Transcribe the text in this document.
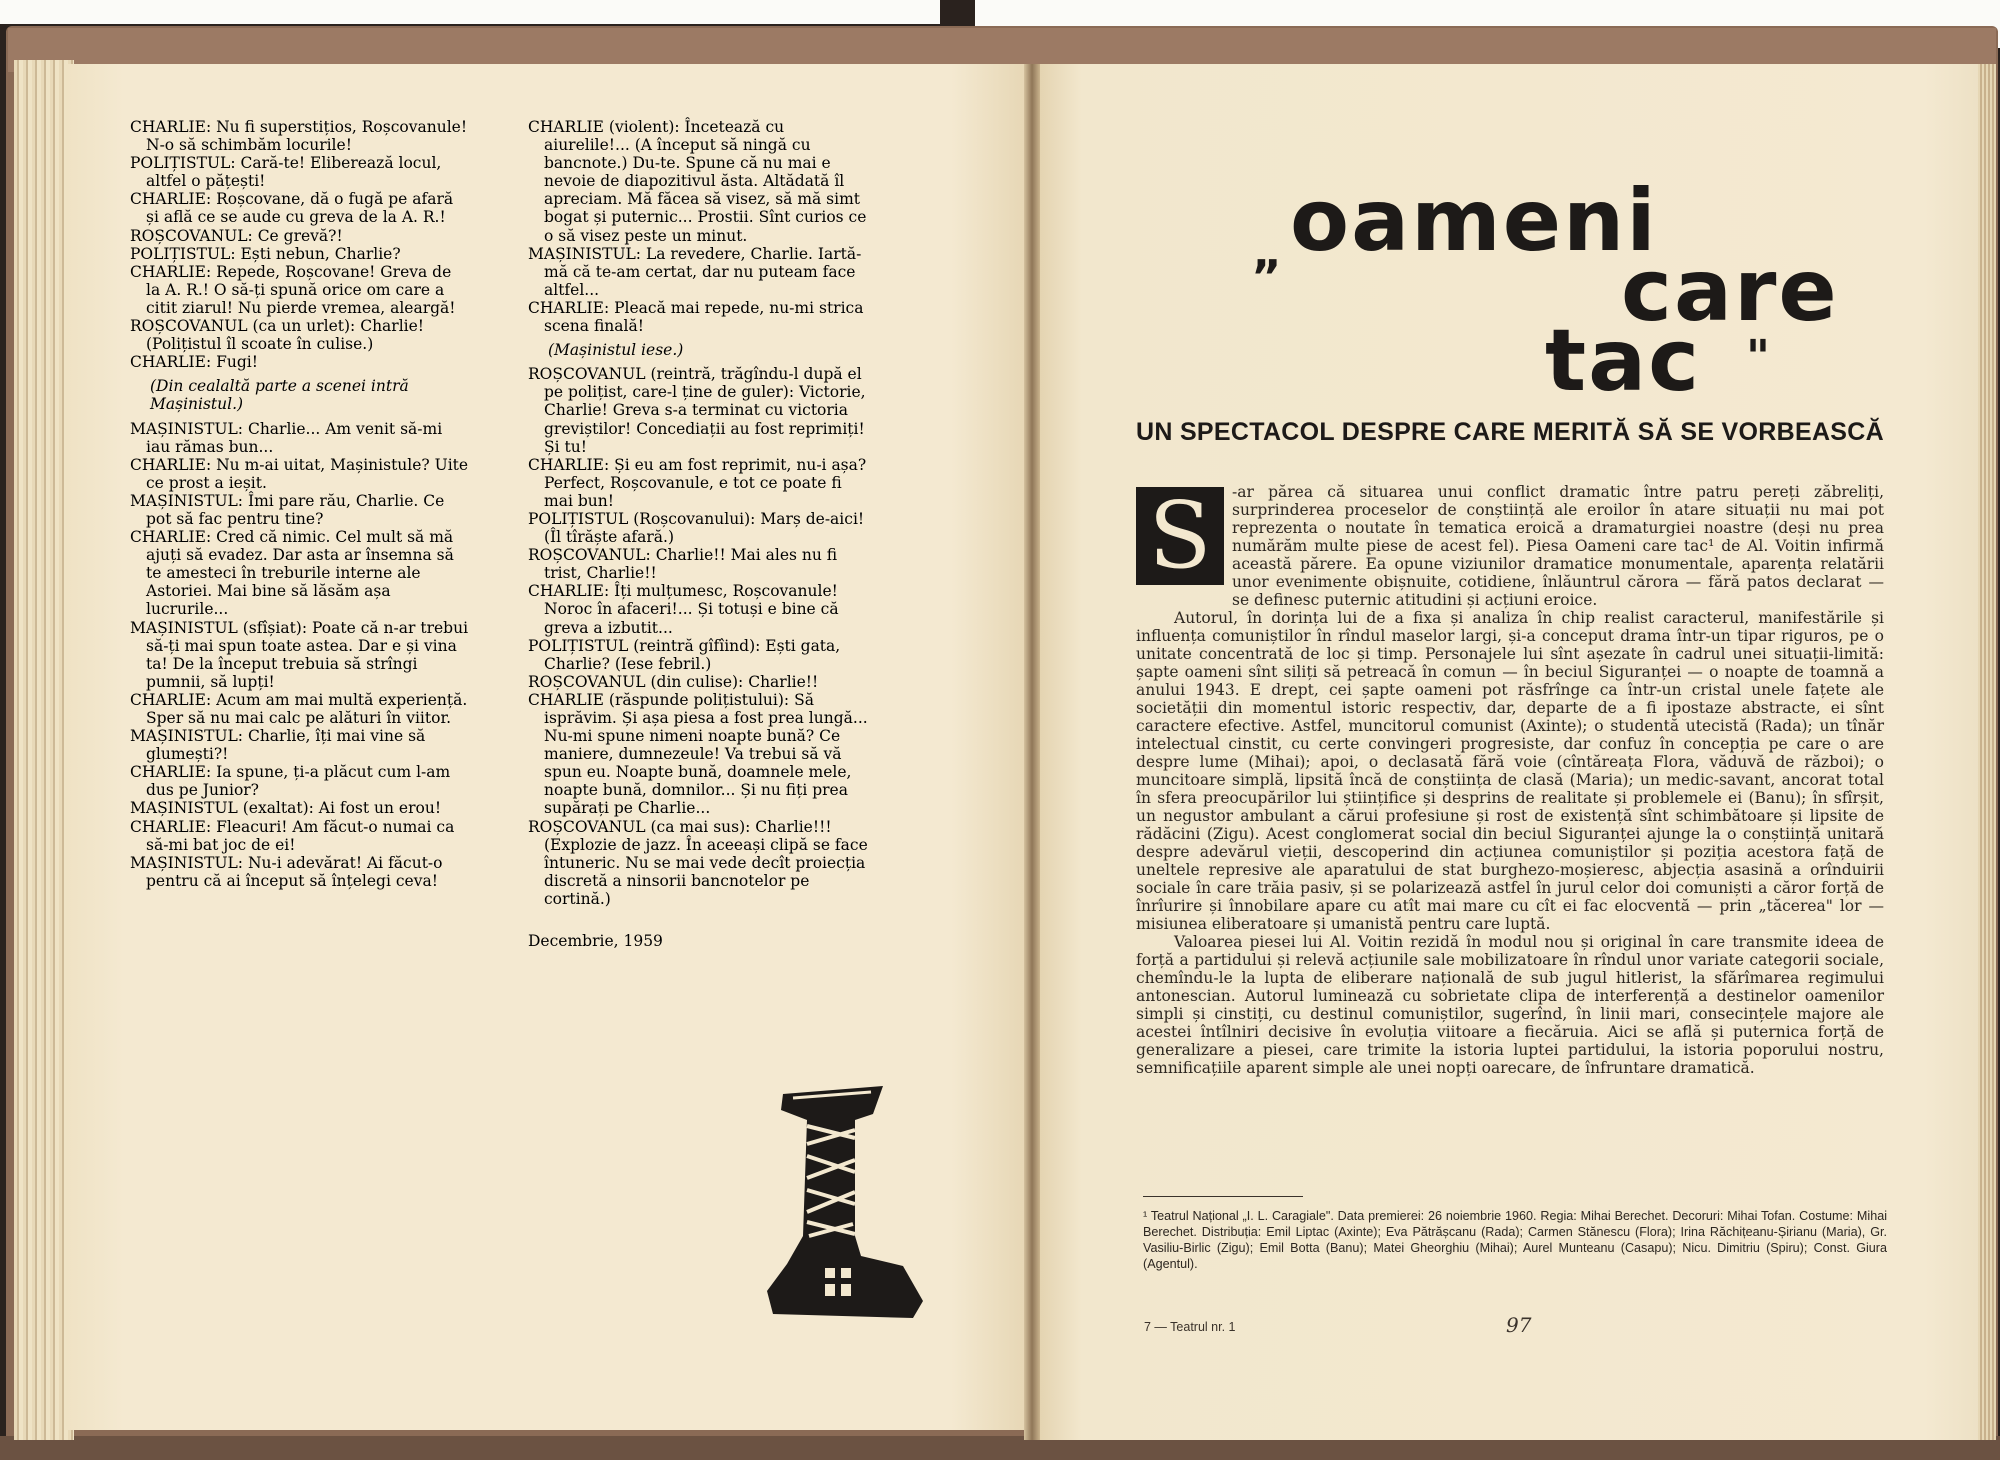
CHARLIE: Nu fi superstițios, Roșcovanule! N-o să schimbăm locurile!

POLIȚISTUL: Cară-te! Eliberează locul, altfel o pățești!

CHARLIE: Roșcovane, dă o fugă pe afară și află ce se aude cu greva de la A. R.!

ROȘCOVANUL: Ce grevă?!

POLIȚISTUL: Ești nebun, Charlie?

CHARLIE: Repede, Roșcovane! Greva de la A. R.! O să-ți spună orice om care a citit ziarul! Nu pierde vremea, aleargă!

ROȘCOVANUL (ca un urlet): Charlie! (Polițistul îl scoate în culise.)

CHARLIE: Fugi!

(Din cealaltă parte a scenei intră Mașinistul.)

MAȘINISTUL: Charlie... Am venit să-mi iau rămas bun...

CHARLIE: Nu m-ai uitat, Mașinistule? Uite ce prost a ieșit.

MAȘINISTUL: Îmi pare rău, Charlie. Ce pot să fac pentru tine?

CHARLIE: Cred că nimic. Cel mult să mă ajuți să evadez. Dar asta ar însemna să te amesteci în treburile interne ale Astoriei. Mai bine să lăsăm așa lucrurile...

MAȘINISTUL (sfîșiat): Poate că n-ar trebui să-ți mai spun toate astea. Dar e și vina ta! De la început trebuia să strîngi pumnii, să lupți!

CHARLIE: Acum am mai multă experiență. Sper să nu mai calc pe alături în viitor.

MAȘINISTUL: Charlie, îți mai vine să glumești?!

CHARLIE: Ia spune, ți-a plăcut cum l-am dus pe Junior?

MAȘINISTUL (exaltat): Ai fost un erou!

CHARLIE: Fleacuri! Am făcut-o numai ca să-mi bat joc de ei!

MAȘINISTUL: Nu-i adevărat! Ai făcut-o pentru că ai început să înțelegi ceva!

CHARLIE (violent): Încetează cu aiurelile!... (A început să ningă cu bancnote.) Du-te. Spune că nu mai e nevoie de diapozitivul ăsta. Altădată îl apreciam. Mă făcea să visez, să mă simt bogat și puternic... Prostii. Sînt curios ce o să visez peste un minut.

MAȘINISTUL: La revedere, Charlie. Iartă-mă că te-am certat, dar nu puteam face altfel...

CHARLIE: Pleacă mai repede, nu-mi strica scena finală!

(Mașinistul iese.)

ROȘCOVANUL (reintră, trăgîndu-l după el pe polițist, care-l ține de guler): Victorie, Charlie! Greva s-a terminat cu victoria greviștilor! Concediații au fost reprimiți! Și tu!

CHARLIE: Și eu am fost reprimit, nu-i așa? Perfect, Roșcovanule, e tot ce poate fi mai bun!

POLIȚISTUL (Roșcovanului): Marș de-aici! (Îl tîrăște afară.)

ROȘCOVANUL: Charlie!! Mai ales nu fi trist, Charlie!!

CHARLIE: Îți mulțumesc, Roșcovanule! Noroc în afaceri!... Și totuși e bine că greva a izbutit...

POLIȚISTUL (reintră gîfîind): Ești gata, Charlie? (Iese febril.)

ROȘCOVANUL (din culise): Charlie!!

CHARLIE (răspunde polițistului): Să isprăvim. Și așa piesa a fost prea lungă... Nu-mi spune nimeni noapte bună? Ce maniere, dumnezeule! Va trebui să vă spun eu. Noapte bună, doamnele mele, noapte bună, domnilor... Și nu fiți prea supărați pe Charlie...

ROȘCOVANUL (ca mai sus): Charlie!!! (Explozie de jazz. În aceeași clipă se face întuneric. Nu se mai vede decît proiecția discretă a ninsorii bancnotelor pe cortină.)

Decembrie, 1959

„ oameni
care
tac "
UN SPECTACOL DESPRE CARE MERITĂ SĂ SE VORBEASCĂ
S	-ar părea că situarea unui conflict dramatic între patru pereți zăbreliți, surprinderea proceselor de conștiință ale eroilor în atare situații nu mai pot reprezenta o noutate în tematica eroică a dramaturgiei noastre (deși nu prea numărăm multe piese de acest fel). Piesa Oameni care tac¹ de Al. Voitin infirmă această părere. Ea opune viziunilor dramatice monumentale, aparența relatării unor evenimente obișnuite, cotidiene, înlăuntrul cărora — fără patos declarat — se definesc puternic atitudini și acțiuni eroice.

Autorul, în dorința lui de a fixa și analiza în chip realist caracterul, manifestările și influența comuniștilor în rîndul maselor largi, și-a conceput drama într-un tipar riguros, pe o unitate concentrată de loc și timp. Personajele lui sînt așezate în cadrul unei situații-limită: șapte oameni sînt siliți să petreacă în comun — în beciul Siguranței — o noapte de toamnă a anului 1943. E drept, cei șapte oameni pot răsfrînge ca într-un cristal unele fațete ale societății din momentul istoric respectiv, dar, departe de a fi ipostaze abstracte, ei sînt caractere efective. Astfel, muncitorul comunist (Axinte); o studentă utecistă (Rada); un tînăr intelectual cinstit, cu certe convingeri progresiste, dar confuz în concepția pe care o are despre lume (Mihai); apoi, o declasată fără voie (cîntăreața Flora, văduvă de război); o muncitoare simplă, lipsită încă de conștiința de clasă (Maria); un medic-savant, ancorat total în sfera preocupărilor lui științifice și desprins de realitate și problemele ei (Banu); în sfîrșit, un negustor ambulant a cărui profesiune și rost de existență sînt schimbătoare și lipsite de rădăcini (Zigu). Acest conglomerat social din beciul Siguranței ajunge la o conștiință unitară despre adevărul vieții, descoperind din acțiunea comuniștilor și poziția acestora față de uneltele represive ale aparatului de stat burghezo-moșieresc, abjecția asasină a orînduirii sociale în care trăia pasiv, și se polarizează astfel în jurul celor doi comuniști a căror forță de înrîurire și înnobilare apare cu atît mai mare cu cît ei fac elocventă — prin „tăcerea" lor — misiunea eliberatoare și umanistă pentru care luptă.

Valoarea piesei lui Al. Voitin rezidă în modul nou și original în care transmite ideea de forță a partidului și relevă acțiunile sale mobilizatoare în rîndul unor variate categorii sociale, chemîndu-le la lupta de eliberare națională de sub jugul hitlerist, la sfărîmarea regimului antonescian. Autorul luminează cu sobrietate clipa de interferență a destinelor oamenilor simpli și cinstiți, cu destinul comuniștilor, sugerînd, în linii mari, consecințele majore ale acestei întîlniri decisive în evoluția viitoare a fiecăruia. Aici se află și puternica forță de generalizare a piesei, care trimite la istoria luptei partidului, la istoria poporului nostru, semnificațiile aparent simple ale unei nopți oarecare, de înfruntare dramatică.

¹ Teatrul Național „I. L. Caragiale". Data premierei: 26 noiembrie 1960. Regia: Mihai Berechet. Decoruri: Mihai Tofan. Costume: Mihai Berechet. Distribuția: Emil Liptac (Axinte); Eva Pătrășcanu (Rada); Carmen Stănescu (Flora); Irina Răchițeanu-Șirianu (Maria), Gr. Vasiliu-Birlic (Zigu); Emil Botta (Banu); Matei Gheorghiu (Mihai); Aurel Munteanu (Casapu); Nicu. Dimitriu (Spiru); Const. Giura (Agentul).
7 — Teatrul nr. 1	97
